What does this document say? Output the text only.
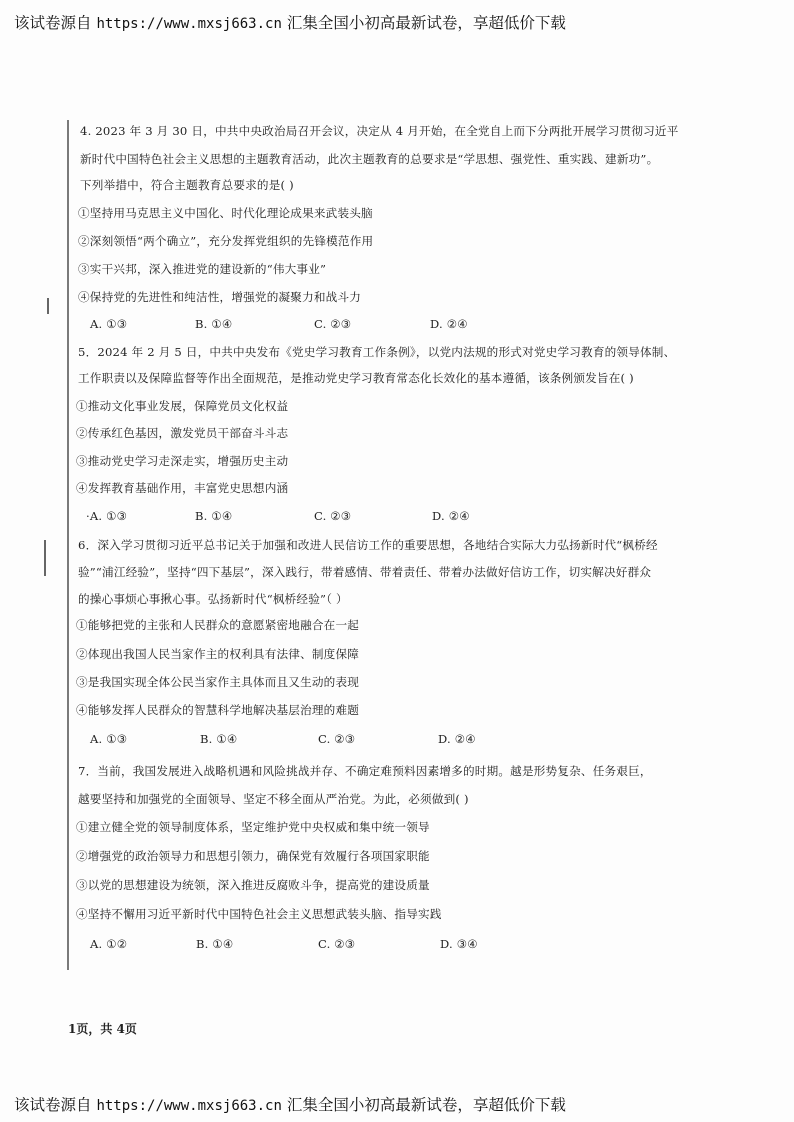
该试卷源自 https://www.mxsj663.cn 汇集全国小初高最新试卷，享超低价下载
4. 2023 年 3 月 30 日，中共中央政治局召开会议，决定从 4 月开始，在全党自上而下分两批开展学习贯彻习近平
新时代中国特色社会主义思想的主题教育活动，此次主题教育的总要求是“学思想、强党性、重实践、建新功”。
下列举措中，符合主题教育总要求的是( )
①坚持用马克思主义中国化、时代化理论成果来武装头脑
②深刻领悟“两个确立”，充分发挥党组织的先锋模范作用
③实干兴邦，深入推进党的建设新的“伟大事业”
④保持党的先进性和纯洁性，增强党的凝聚力和战斗力
A. ①③	B. ①④	C. ②③	D. ②④
5．2024 年 2 月 5 日，中共中央发布《党史学习教育工作条例》，以党内法规的形式对党史学习教育的领导体制、
工作职责以及保障监督等作出全面规范，是推动党史学习教育常态化长效化的基本遵循，该条例颁发旨在( )
①推动文化事业发展，保障党员文化权益
②传承红色基因，激发党员干部奋斗斗志
③推动党史学习走深走实，增强历史主动
④发挥教育基础作用，丰富党史思想内涵
·A. ①③	B. ①④	C. ②③	D. ②④
6．深入学习贯彻习近平总书记关于加强和改进人民信访工作的重要思想，各地结合实际大力弘扬新时代“枫桥经
验”“浦江经验”，坚持“四下基层”，深入践行，带着感情、带着责任、带着办法做好信访工作，切实解决好群众
的操心事烦心事揪心事。弘扬新时代“枫桥经验”（ ）
①能够把党的主张和人民群众的意愿紧密地融合在一起
②体现出我国人民当家作主的权利具有法律、制度保障
③是我国实现全体公民当家作主具体而且又生动的表现
④能够发挥人民群众的智慧科学地解决基层治理的难题
A. ①③	B. ①④	C. ②③	D. ②④
7．当前，我国发展进入战略机遇和风险挑战并存、不确定难预料因素增多的时期。越是形势复杂、任务艰巨，
越要坚持和加强党的全面领导、坚定不移全面从严治党。为此，必须做到( )
①建立健全党的领导制度体系，坚定维护党中央权威和集中统一领导
②增强党的政治领导力和思想引领力，确保党有效履行各项国家职能
③以党的思想建设为统领，深入推进反腐败斗争，提高党的建设质量
④坚持不懈用习近平新时代中国特色社会主义思想武装头脑、指导实践
A. ①②	B. ①④	C. ②③	D. ③④
1页，共 4页
该试卷源自 https://www.mxsj663.cn 汇集全国小初高最新试卷，享超低价下载
